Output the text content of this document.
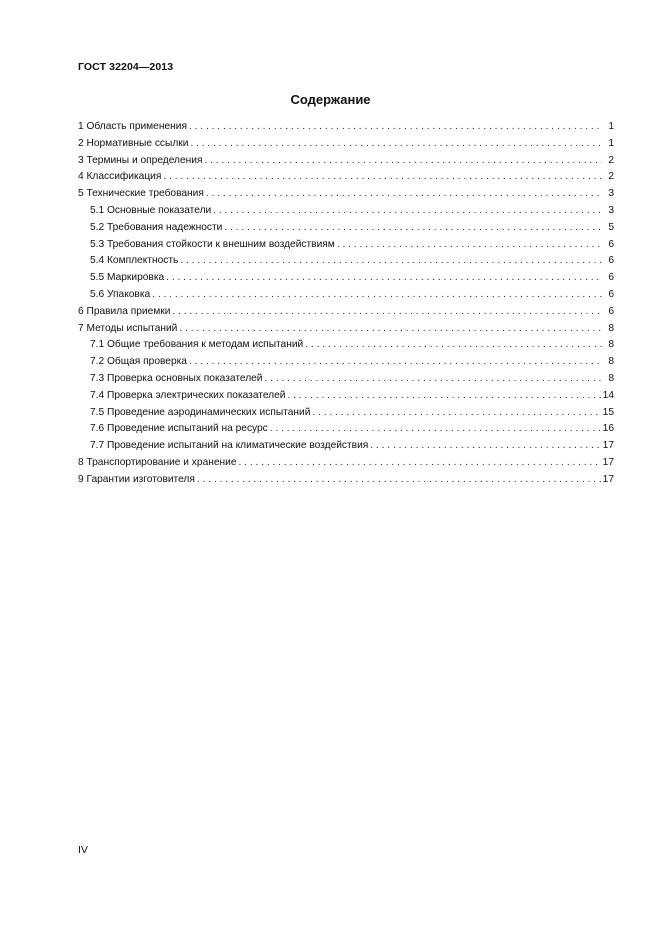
ГОСТ 32204—2013
Содержание
1 Область применения . . .	1
2 Нормативные ссылки . . .	1
3 Термины и определения . . .	2
4 Классификация . . .	2
5 Технические требования . . .	3
5.1 Основные показатели . . .	3
5.2 Требования надежности . . .	5
5.3 Требования стойкости к внешним воздействиям . . .	6
5.4 Комплектность . . .	6
5.5 Маркировка . . .	6
5.6 Упаковка . . .	6
6 Правила приемки . . .	6
7 Методы испытаний . . .	8
7.1 Общие требования к методам испытаний . . .	8
7.2 Общая проверка . . .	8
7.3 Проверка основных показателей . . .	8
7.4 Проверка электрических показателей . . .	14
7.5 Проведение аэродинамических испытаний . . .	15
7.6 Проведение испытаний на ресурс . . .	16
7.7 Проведение испытаний на климатические воздействия . . .	17
8 Транспортирование и хранение . . .	17
9 Гарантии изготовителя . . .	17
IV
